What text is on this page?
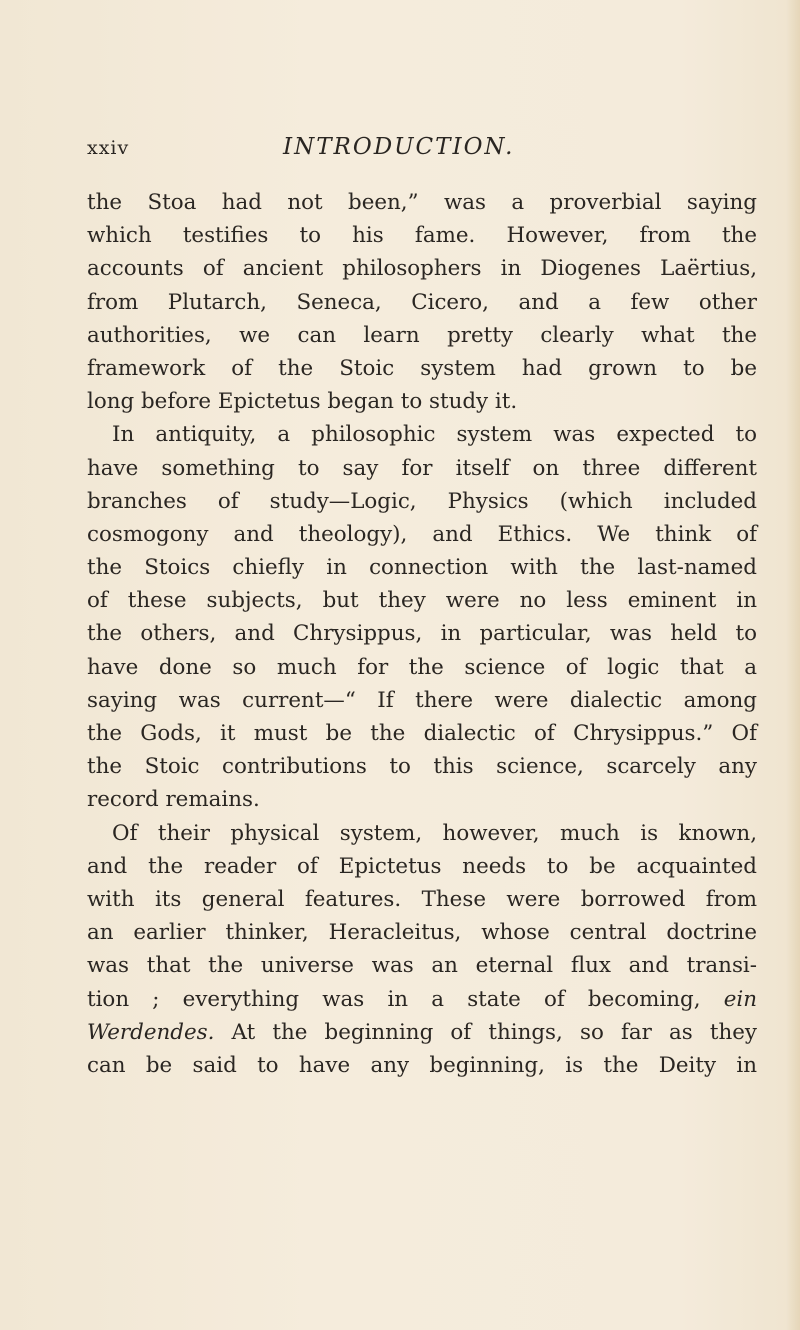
xxiv	INTRODUCTION.
the Stoa had not been,” was a proverbial saying
which testifies to his fame. However, from the
accounts of ancient philosophers in Diogenes Laërtius,
from Plutarch, Seneca, Cicero, and a few other
authorities, we can learn pretty clearly what the
framework of the Stoic system had grown to be
long before Epictetus began to study it.
In antiquity, a philosophic system was expected to
have something to say for itself on three different
branches of study—Logic, Physics (which included
cosmogony and theology), and Ethics. We think of
the Stoics chiefly in connection with the last-named
of these subjects, but they were no less eminent in
the others, and Chrysippus, in particular, was held to
have done so much for the science of logic that a
saying was current—“ If there were dialectic among
the Gods, it must be the dialectic of Chrysippus.” Of
the Stoic contributions to this science, scarcely any
record remains.
Of their physical system, however, much is known,
and the reader of Epictetus needs to be acquainted
with its general features. These were borrowed from
an earlier thinker, Heracleitus, whose central doctrine
was that the universe was an eternal flux and transi-
tion ; everything was in a state of becoming, ein
Werdendes. At the beginning of things, so far as they
can be said to have any beginning, is the Deity in
